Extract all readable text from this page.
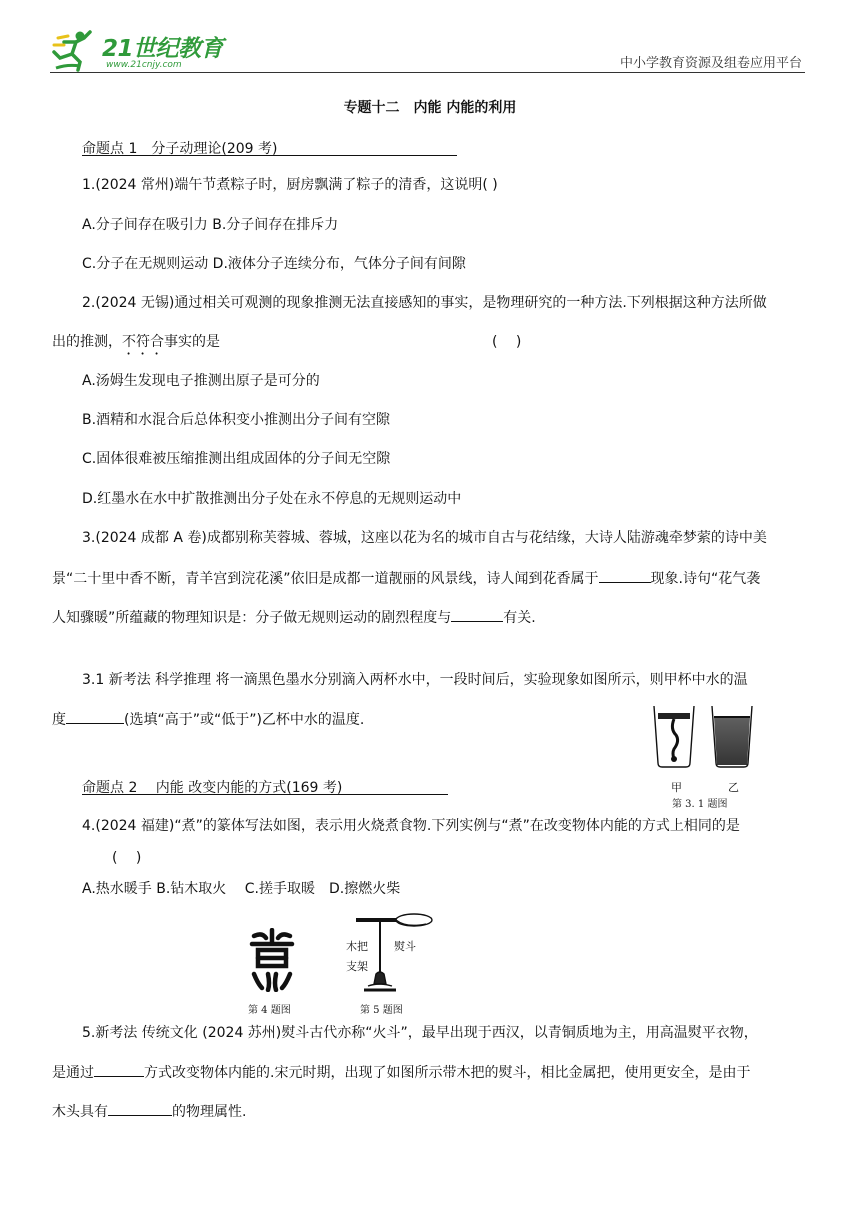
21世纪教育
www.21cnjy.com	中小学教育资源及组卷应用平台
专题十二　内能 内能的利用
命题点 1　分子动理论(209 考)
1.(2024 常州)端午节煮粽子时，厨房飘满了粽子的清香，这说明( )
A.分子间存在吸引力 B.分子间存在排斥力
C.分子在无规则运动 D.液体分子连续分布，气体分子间有间隙
2.(2024 无锡)通过相关可观测的现象推测无法直接感知的事实，是物理研究的一种方法.下列根据这种方法所做
出的推测，不符合事实的是	(　 )
A.汤姆生发现电子推测出原子是可分的
B.酒精和水混合后总体积变小推测出分子间有空隙
C.固体很难被压缩推测出组成固体的分子间无空隙
D.红墨水在水中扩散推测出分子处在永不停息的无规则运动中
3.(2024 成都 A 卷)成都别称芙蓉城、蓉城，这座以花为名的城市自古与花结缘，大诗人陆游魂牵梦萦的诗中美
景“二十里中香不断，青羊宫到浣花溪”依旧是成都一道靓丽的风景线，诗人闻到花香属于	现象.诗句“花气袭
人知骤暖”所蕴藏的物理知识是：分子做无规则运动的剧烈程度与	有关.
3.1 新考法 科学推理 将一滴黑色墨水分别滴入两杯水中，一段时间后，实验现象如图所示，则甲杯中水的温
度	(选填“高于”或“低于”)乙杯中水的温度.
甲	乙
第 3. 1 题图
命题点 2　 内能 改变内能的方式(169 考)
4.(2024 福建)“煮”的篆体写法如图，表示用火烧煮食物.下列实例与“煮”在改变物体内能的方式上相同的是
(　 )
A.热水暖手 B.钻木取火　 C.搓手取暖　D.擦燃火柴
第 4 题图
木把 熨斗
支架
第 5 题图
5.新考法 传统文化 (2024 苏州)熨斗古代亦称“火斗”，最早出现于西汉，以青铜质地为主，用高温熨平衣物，
是通过	方式改变物体内能的.宋元时期，出现了如图所示带木把的熨斗，相比金属把，使用更安全，是由于
木头具有	的物理属性.
